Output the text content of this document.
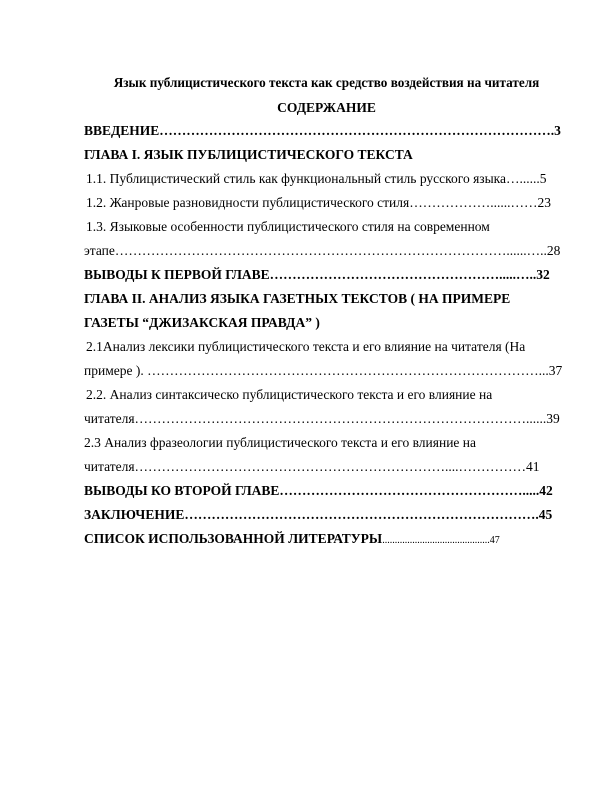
Язык публицистического текста как средство воздействия на читателя
СОДЕРЖАНИЕ
ВВЕДЕНИЕ…………………………………………………………………………….3
ГЛАВА I. ЯЗЫК ПУБЛИЦИСТИЧЕСКОГО ТЕКСТА
1.1. Публицистический стиль как функциональный стиль русского языка…......5
1.2. Жанровые разновидности публицистического стиля………………......……23
1.3. Языковые особенности публицистического стиля на современном
этапе……………………………………………………………………………......…..28
ВЫВОДЫ К ПЕРВОЙ ГЛАВЕ…………………………………………….....…..32
ГЛАВА II. АНАЛИЗ ЯЗЫКА ГАЗЕТНЫХ ТЕКСТОВ ( НА ПРИМЕРЕ
ГАЗЕТЫ “ДЖИЗАКСКАЯ ПРАВДА” )
2.1Анализ лексики публицистического текста и его влияние на читателя (На
примере ). ……………………………………………………………………………...37
2.2. Анализ синтаксическо публицистического текста и его влияние на
читателя……………………………………………………………………………......39
2.3 Анализ фразеологии публицистического текста и его влияние на
читателя……………………………………………………………....……………41
ВЫВОДЫ КО ВТОРОЙ ГЛАВЕ……………………………………………….....42
ЗАКЛЮЧЕНИЕ…………………………………………………………………….45
СПИСОК ИСПОЛЬЗОВАННОЙ ЛИТЕРАТУРЫ...........................................47
